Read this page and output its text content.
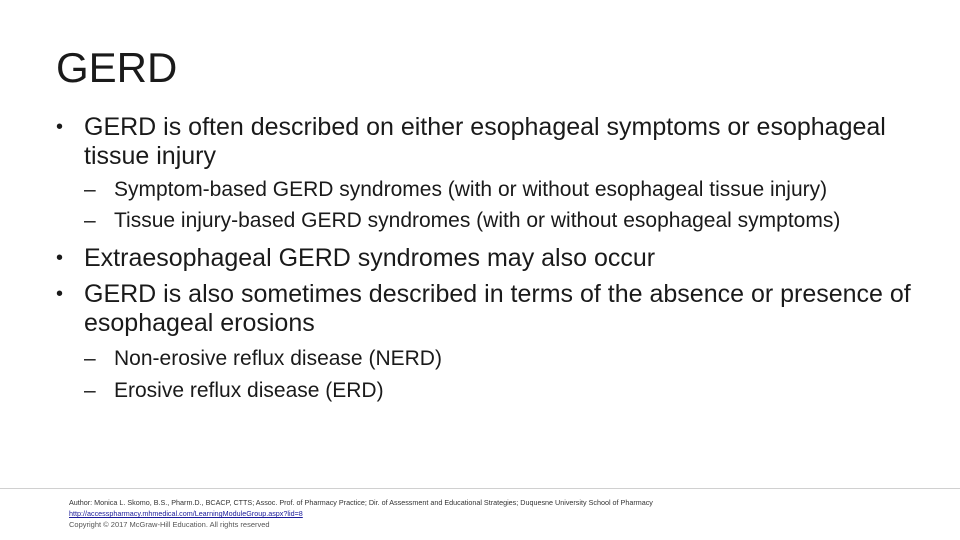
GERD

• GERD is often described on either esophageal symptoms or esophageal tissue injury

– Symptom-based GERD syndromes (with or without esophageal tissue injury)

– Tissue injury-based GERD syndromes (with or without esophageal symptoms)

• Extraesophageal GERD syndromes may also occur

• GERD is also sometimes described in terms of the absence or presence of esophageal erosions

– Non-erosive reflux disease (NERD)

– Erosive reflux disease (ERD)

Author: Monica L. Skomo, B.S., Pharm.D., BCACP, CTTS; Assoc. Prof. of Pharmacy Practice; Dir. of Assessment and Educational Strategies; Duquesne University School of Pharmacy
http://accesspharmacy.mhmedical.com/LearningModuleGroup.aspx?lid=8
Copyright © 2017 McGraw-Hill Education. All rights reserved
